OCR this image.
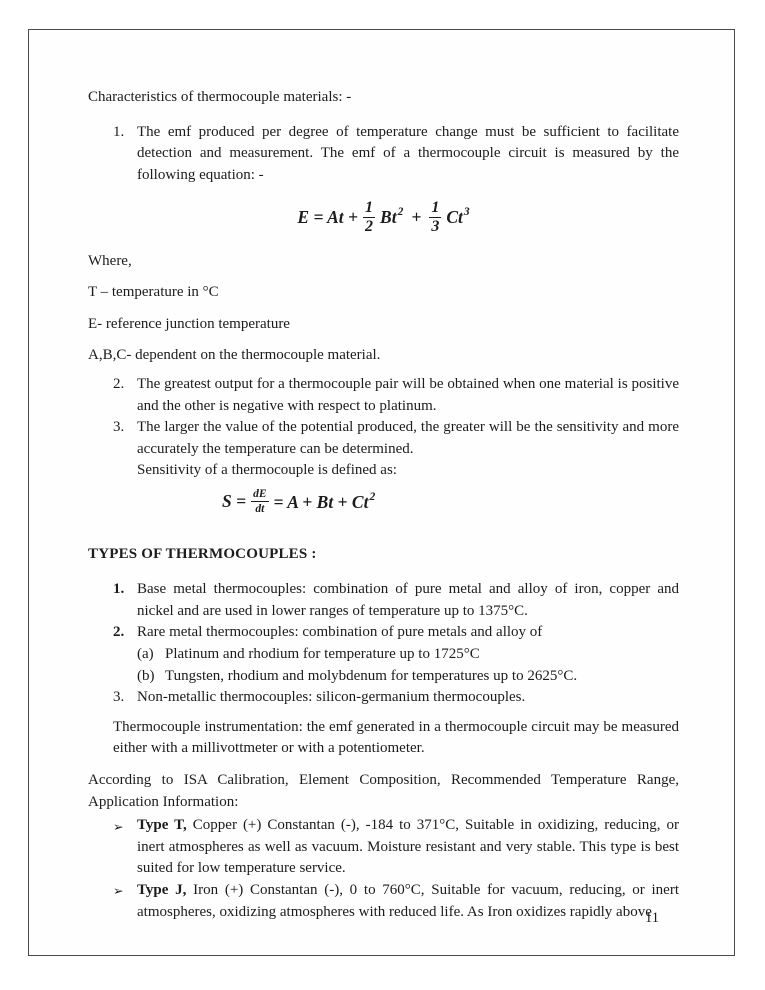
Characteristics of thermocouple materials: -

1. The emf produced per degree of temperature change must be sufficient to facilitate detection and measurement. The emf of a thermocouple circuit is measured by the following equation: -
$E = At + \frac{1}{2} Bt^2 + \frac{1}{3} Ct^3$

Where,

T – temperature in °C

E- reference junction temperature

A,B,C- dependent on the thermocouple material.

2. The greatest output for a thermocouple pair will be obtained when one material is positive and the other is negative with respect to platinum.
3. The larger the value of the potential produced, the greater will be the sensitivity and more accurately the temperature can be determined.
Sensitivity of a thermocouple is defined as:
$S = \frac{dE}{dt} = A + Bt + Ct^2$

TYPES OF THERMOCOUPLES :

1. Base metal thermocouples: combination of pure metal and alloy of iron, copper and nickel and are used in lower ranges of temperature up to 1375°C.
2. Rare metal thermocouples: combination of pure metals and alloy of
(a) Platinum and rhodium for temperature up to 1725°C
(b) Tungsten, rhodium and molybdenum for temperatures up to 2625°C.
3. Non-metallic thermocouples: silicon-germanium thermocouples.

Thermocouple instrumentation: the emf generated in a thermocouple circuit may be measured either with a millivottmeter or with a potentiometer.

According to ISA Calibration, Element Composition, Recommended Temperature Range, Application Information:

➢ Type T, Copper (+) Constantan (-), -184 to 371°C, Suitable in oxidizing, reducing, or inert atmospheres as well as vacuum. Moisture resistant and very stable. This type is best suited for low temperature service.
➢ Type J, Iron (+) Constantan (-), 0 to 760°C, Suitable for vacuum, reducing, or inert atmospheres, oxidizing atmospheres with reduced life. As Iron oxidizes rapidly above
11
